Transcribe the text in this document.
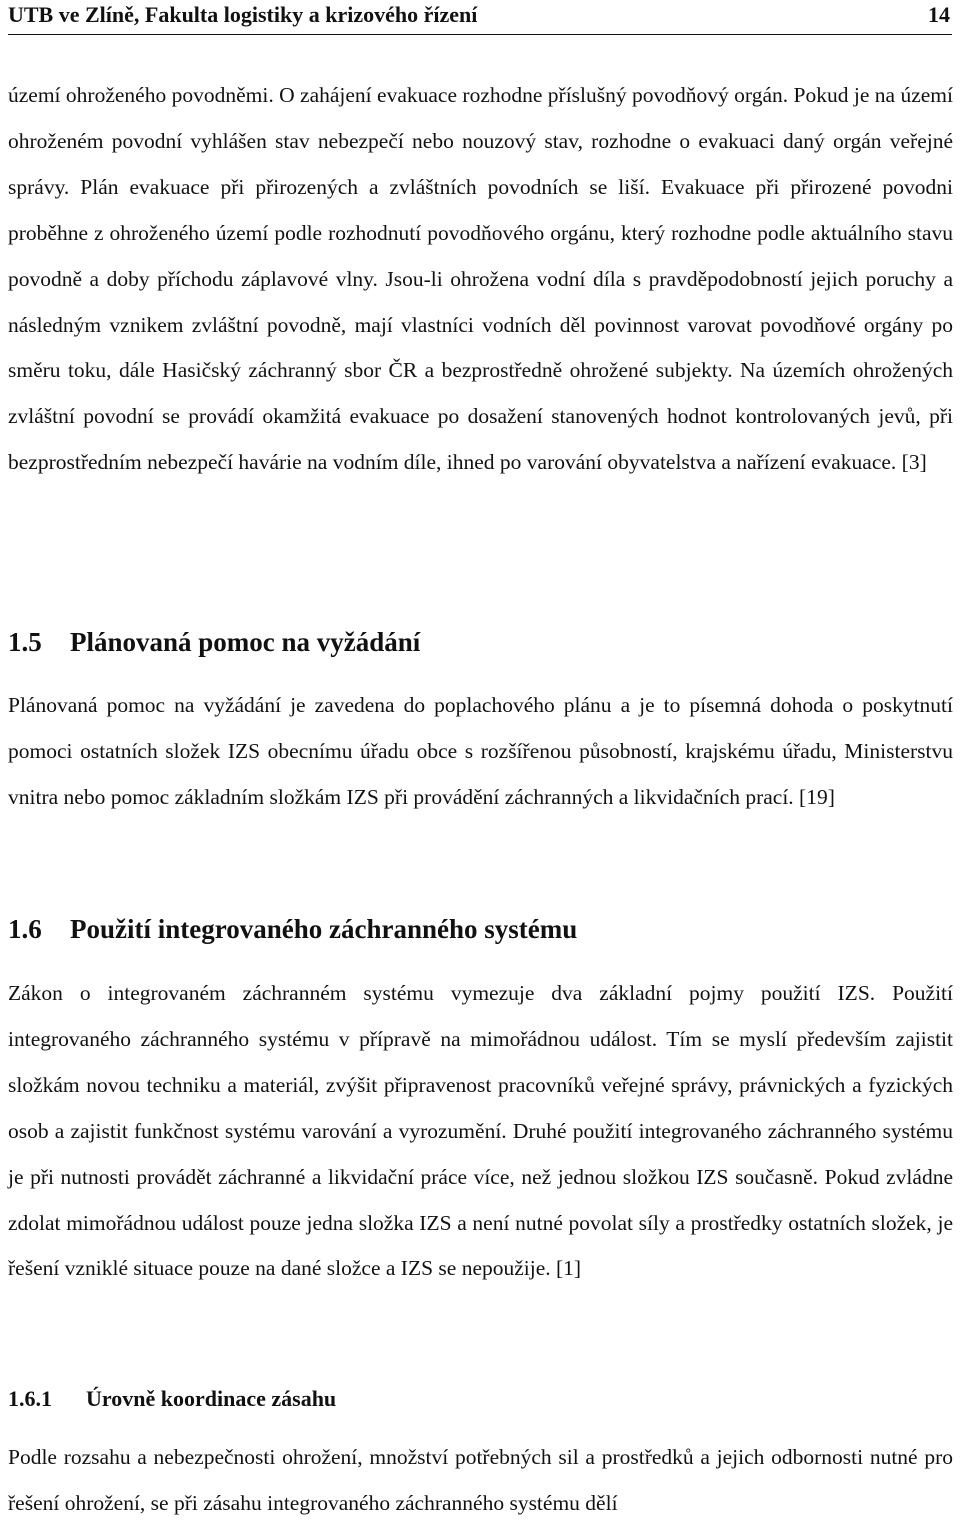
UTB ve Zlíně, Fakulta logistiky a krizového řízení	14
území ohroženého povodněmi. O zahájení evakuace rozhodne příslušný povodňový orgán. Pokud je na území ohroženém povodní vyhlášen stav nebezpečí nebo nouzový stav, rozhodne o evakuaci daný orgán veřejné správy. Plán evakuace při přirozených a zvláštních povodních se liší. Evakuace při přirozené povodni proběhne z ohroženého území podle rozhodnutí povodňového orgánu, který rozhodne podle aktuálního stavu povodně a doby příchodu záplavové vlny. Jsou-li ohrožena vodní díla s pravděpodobností jejich poruchy a následným vznikem zvláštní povodně, mají vlastníci vodních děl povinnost varovat povodňové orgány po směru toku, dále Hasičský záchranný sbor ČR a bezprostředně ohrožené subjekty. Na územích ohrožených zvláštní povodní se provádí okamžitá evakuace po dosažení stanovených hodnot kontrolovaných jevů, při bezprostředním nebezpečí havárie na vodním díle, ihned po varování obyvatelstva a nařízení evakuace. [3]
1.5 Plánovaná pomoc na vyžádání
Plánovaná pomoc na vyžádání je zavedena do poplachového plánu a je to písemná dohoda o poskytnutí pomoci ostatních složek IZS obecnímu úřadu obce s rozšířenou působností, krajskému úřadu, Ministerstvu vnitra nebo pomoc základním složkám IZS při provádění záchranných a likvidačních prací. [19]
1.6 Použití integrovaného záchranného systému
Zákon o integrovaném záchranném systému vymezuje dva základní pojmy použití IZS. Použití integrovaného záchranného systému v přípravě na mimořádnou událost. Tím se myslí především zajistit složkám novou techniku a materiál, zvýšit připravenost pracovníků veřejné správy, právnických a fyzických osob a zajistit funkčnost systému varování a vyrozumění. Druhé použití integrovaného záchranného systému je při nutnosti provádět záchranné a likvidační práce více, než jednou složkou IZS současně. Pokud zvládne zdolat mimořádnou událost pouze jedna složka IZS a není nutné povolat síly a prostředky ostatních složek, je řešení vzniklé situace pouze na dané složce a IZS se nepoužije. [1]
1.6.1 Úrovně koordinace zásahu
Podle rozsahu a nebezpečnosti ohrožení, množství potřebných sil a prostředků a jejich odbornosti nutné pro řešení ohrožení, se při zásahu integrovaného záchranného systému dělí
